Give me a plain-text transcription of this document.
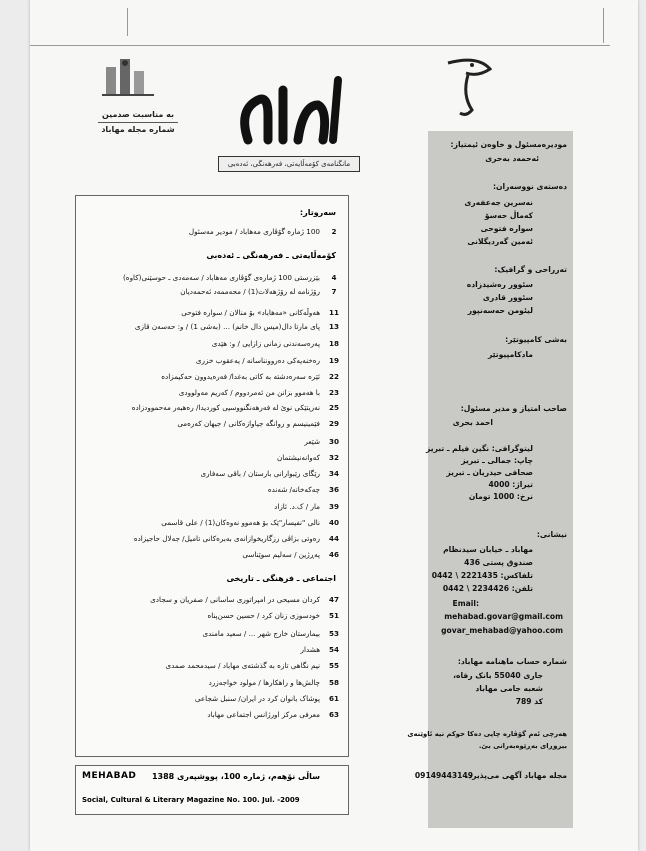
به مناسبت صدمین
شماره مجله مهاباد
مانگنامەی کۆمەڵایەتی، فەرهەنگی، ئەدەبی
سەروتار:
100 ژمارە گۆڤاری مەهاباد / مودیر مەسئول	2
کۆمەڵایەتی ـ فەرهەنگی ـ ئەدەبی
بێزرستی 100 ژمارەی گۆڤاری مەهاباد / سەمەدی ـ حوسێنی(کاوە)	4
رۆژنامە لە رۆژهەلات(1) / محەممەد ئەحمەدیان	7
هەوڵەکانی «مەهاباد» بۆ منالان / سوارە فتوحی	11
پای مارتا دال(میس دال خانم) ... (بەشی 1) / و: حەسەن قازی	13
پەرەسەندنی زمانی زازایی / و: هێدی	18
رەخنەیەکی دەروونناسانە / یەعقوب خزری	19
ئێرە سەرەدشتە بە کاتی بەغدا/ فەرەیدوون حەکیمزادە	22
با هەموو بزانن من ئەمردووم / کەریم مەولوودی	23
نەریتێکی نوێ لە فەرهەنگنووسیی کوردیدا/ رەهبەر مەحموودزادە	25
فێمینیسم و روانگە جیاوازەکانی / جیهان کەرەمی	29
شێعر	30
کەوانەنیشتمان	32
رێگای رێبوارانی بارستان / باقی سەفاری	34
چەکەخانە/ شەندە	36
مار / ک.د. ئازاد	39
نالی "نفیسار"ێک بۆ هەموو نەوەکان(1) / علی قاسمی	40
رەوتی بزاڤی رزگاریخوازانەی بەبرەکانی تامیل/ جەلال حاجیزادە	44
پەڕژین / سەلیم سوێناسی	46
اجتماعی ـ فرهنگی ـ تاریخی
کردان مسیحی در امپراتوری ساسانی / صفریان و سجادی	47
خودسوزی زنان کرد / حسین حسن‌پناه	51
بیمارستان خارج شهر ... / سعید مامندی	53
هشدار	54
نیم نگاهی تازه به گذشته‌ی مهاباد / سیدمحمد صمدی	55
چالش‌ها و راهکارها / مولود خواجه‌زرد	58
پوشاک بانوان کرد در ایران/ سنبل شجاعی	61
معرفی مرکز اورژانس اجتماعی مهاباد	63
MEHABAD ساڵی نۆهەم، ژمارە 100، پووشپەری 1388
Social, Cultural & Literary Magazine No. 100. Jul. -2009
مودیرەمسئول و خاوەن ئیمتیاز:
ئەحمەد بەحری
دەستەی نووسەران:
نەسرین جەعفەری
کەماڵ حەسۆ
سوارە فتوحی
ئەمین گەردیگلانی
تەرراحی و گرافیک:
سئوور رەشیدزادە
سئوور قادری
لیئومن حەسەنپور
بەشی کامپیوتێر:
مادکامپیوتێر
صاحب امتیاز و مدیر مسئول:
احمد بحری
لیتوگرافی: نگین فیلم ـ تبریز
چاپ: جمالی ـ تبریز
صحافی حیدریان ـ تبریز
تیراژ: 4000
نرخ: 1000 تومان
نیشانی:
مهاباد ـ خیابان سیدنظام
صندوق پستی 436
تلفاکس: 2221435 \ 0442
تلفن: 2234426 \ 0442
Email:
mehabad.govar@gmail.com
govar_mehabad@yahoo.com
شمارە حساب ماهنامە مهاباد:
جاری 55040 بانک رفاه،
شعبه جامی مهاباد
کد 789
هەرچی ئەم گۆڤارە چاپی دەکا حوکم نیە ئاوێنەی
بیروڕای بەڕێوەبەرانی بێ.
مجله مهاباد آگهی می‌پذیرد.
09149443149
